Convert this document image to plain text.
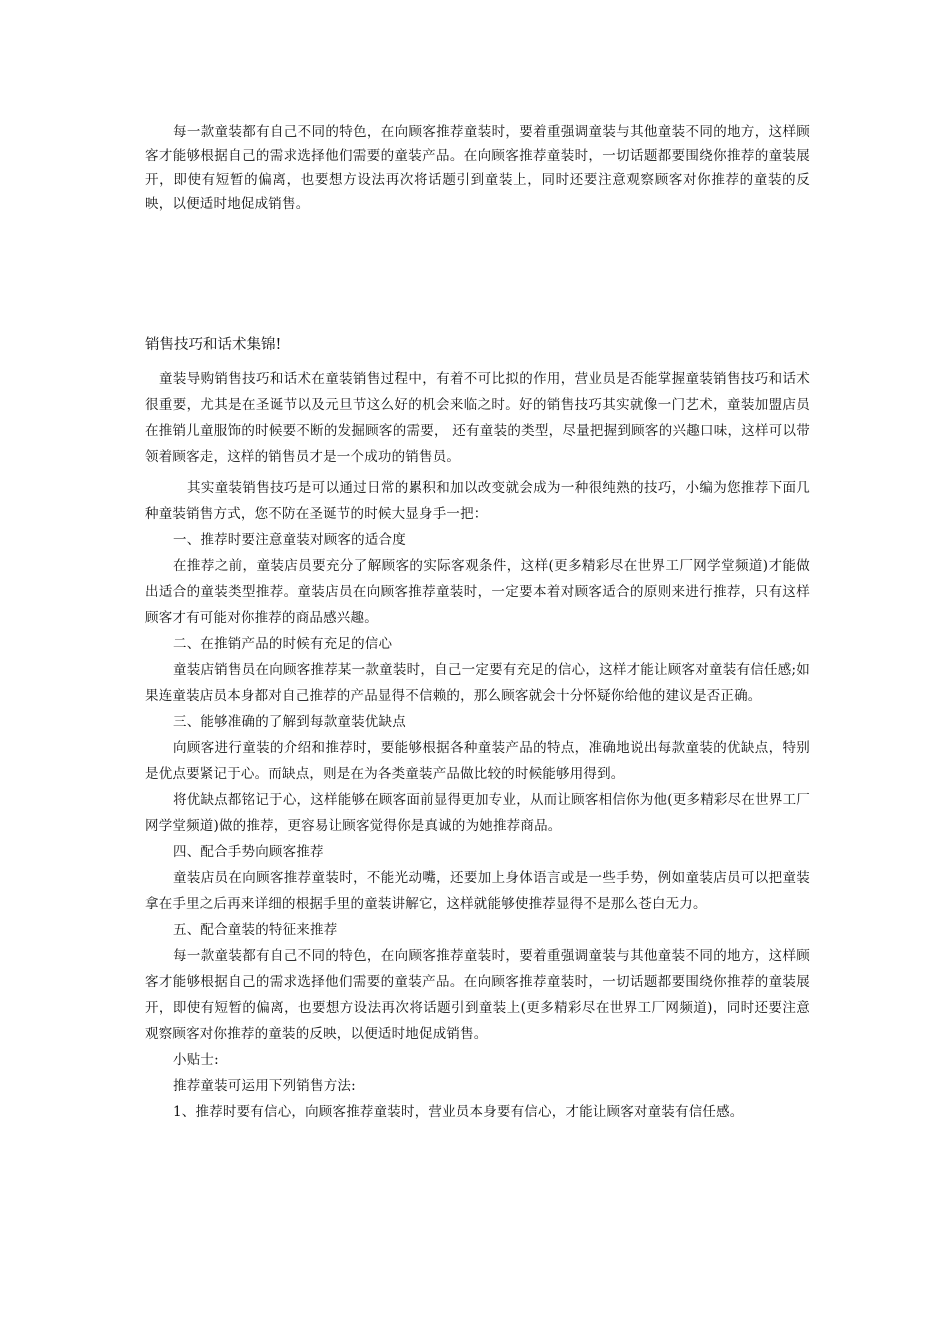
每一款童装都有自己不同的特色，在向顾客推荐童装时，要着重强调童装与其他童装不同的地方，这样顾客才能够根据自己的需求选择他们需要的童装产品。在向顾客推荐童装时，一切话题都要围绕你推荐的童装展开，即使有短暂的偏离，也要想方设法再次将话题引到童装上，同时还要注意观察顾客对你推荐的童装的反映，以便适时地促成销售。

销售技巧和话术集锦!

童装导购销售技巧和话术在童装销售过程中，有着不可比拟的作用，营业员是否能掌握童装销售技巧和话术很重要，尤其是在圣诞节以及元旦节这么好的机会来临之时。好的销售技巧其实就像一门艺术，童装加盟店员在推销儿童服饰的时候要不断的发掘顾客的需要， 还有童装的类型，尽量把握到顾客的兴趣口味，这样可以带领着顾客走，这样的销售员才是一个成功的销售员。

其实童装销售技巧是可以通过日常的累积和加以改变就会成为一种很纯熟的技巧，小编为您推荐下面几种童装销售方式，您不防在圣诞节的时候大显身手一把：

一、推荐时要注意童装对顾客的适合度

在推荐之前，童装店员要充分了解顾客的实际客观条件，这样(更多精彩尽在世界工厂网学堂频道)才能做出适合的童装类型推荐。童装店员在向顾客推荐童装时，一定要本着对顾客适合的原则来进行推荐，只有这样顾客才有可能对你推荐的商品感兴趣。

二、在推销产品的时候有充足的信心

童装店销售员在向顾客推荐某一款童装时，自己一定要有充足的信心，这样才能让顾客对童装有信任感;如果连童装店员本身都对自己推荐的产品显得不信赖的，那么顾客就会十分怀疑你给他的建议是否正确。

三、能够准确的了解到每款童装优缺点

向顾客进行童装的介绍和推荐时，要能够根据各种童装产品的特点，准确地说出每款童装的优缺点，特别是优点要紧记于心。而缺点，则是在为各类童装产品做比较的时候能够用得到。

将优缺点都铭记于心，这样能够在顾客面前显得更加专业，从而让顾客相信你为他(更多精彩尽在世界工厂 网学堂频道)做的推荐，更容易让顾客觉得你是真诚的为她推荐商品。

四、配合手势向顾客推荐

童装店员在向顾客推荐童装时，不能光动嘴，还要加上身体语言或是一些手势，例如童装店员可以把童装拿在手里之后再来详细的根据手里的童装讲解它，这样就能够使推荐显得不是那么苍白无力。

五、配合童装的特征来推荐

每一款童装都有自己不同的特色，在向顾客推荐童装时，要着重强调童装与其他童装不同的地方，这样顾客才能够根据自己的需求选择他们需要的童装产品。在向顾客推荐童装时，一切话题都要围绕你推荐的童装展开，即使有短暂的偏离，也要想方设法再次将话题引到童装上(更多精彩尽在世界工厂网频道)，同时还要注意观察顾客对你推荐的童装的反映，以便适时地促成销售。

小贴士:

推荐童装可运用下列销售方法:

1、推荐时要有信心，向顾客推荐童装时，营业员本身要有信心，才能让顾客对童装有信任感。
